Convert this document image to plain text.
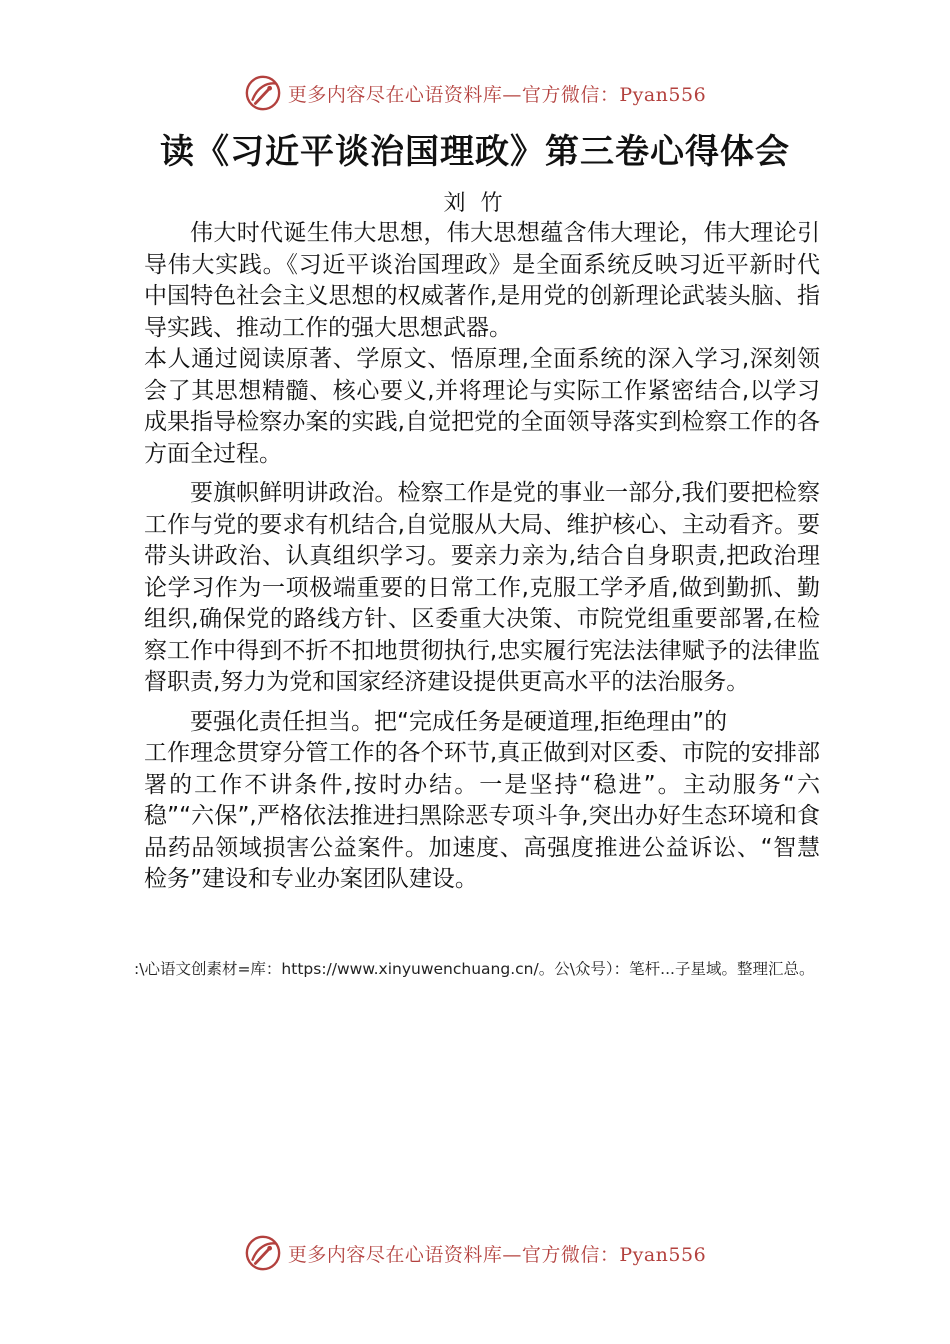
更多内容尽在心语资料库—官方微信：Pyan556
读《习近平谈治国理政》第三卷心得体会
刘 竹

伟大时代诞生伟大思想，伟大思想蕴含伟大理论，伟大理论引导伟大实践。《习近平谈治国理政》是全面系统反映习近平新时代中国特色社会主义思想的权威著作,是用党的创新理论武装头脑、指导实践、推动工作的强大思想武器。

本人通过阅读原著、学原文、悟原理,全面系统的深入学习,深刻领会了其思想精髓、核心要义,并将理论与实际工作紧密结合,以学习成果指导检察办案的实践,自觉把党的全面领导落实到检察工作的各方面全过程。

要旗帜鲜明讲政治。检察工作是党的事业一部分,我们要把检察工作与党的要求有机结合,自觉服从大局、维护核心、主动看齐。要带头讲政治、认真组织学习。要亲力亲为,结合自身职责,把政治理论学习作为一项极端重要的日常工作,克服工学矛盾,做到勤抓、勤组织,确保党的路线方针、区委重大决策、市院党组重要部署,在检察工作中得到不折不扣地贯彻执行,忠实履行宪法法律赋予的法律监督职责,努力为党和国家经济建设提供更高水平的法治服务。

要强化责任担当。把“完成任务是硬道理,拒绝理由”的

工作理念贯穿分管工作的各个环节,真正做到对区委、市院的安排部署的工作不讲条件,按时办结。一是坚持“稳进”。主动服务“六稳”“六保”,严格依法推进扫黑除恶专项斗争,突出办好生态环境和食品药品领域损害公益案件。加速度、高强度推进公益诉讼、“智慧检务”建设和专业办案团队建设。

:\心语文创素材=库：https://www.xinyuwenchuang.cn/。公\众号）：笔杆...子星域。整理汇总。
更多内容尽在心语资料库—官方微信：Pyan556
